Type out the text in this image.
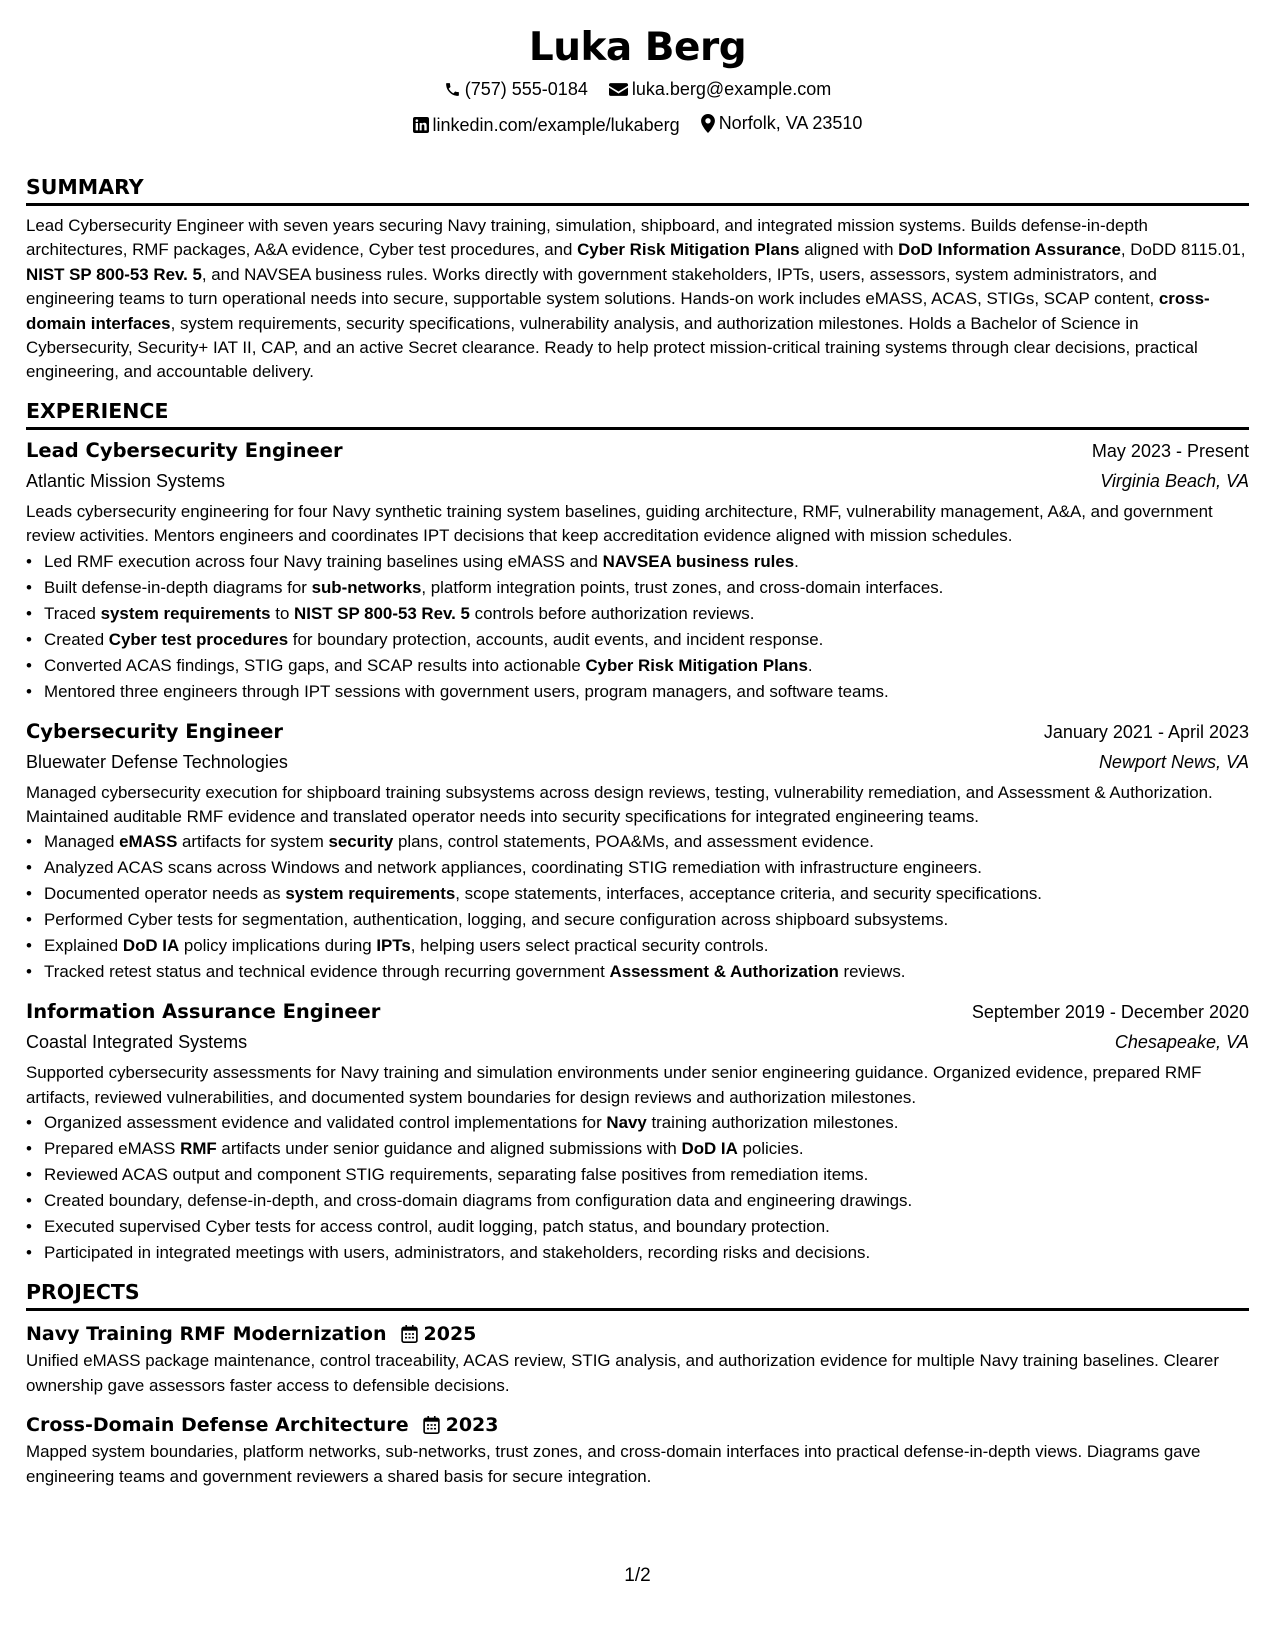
Luka Berg
(757) 555-0184
luka.berg@example.com
linkedin.com/example/lukaberg
Norfolk, VA 23510
SUMMARY

Lead Cybersecurity Engineer with seven years securing Navy training, simulation, shipboard, and integrated mission systems. Builds defense-in-depth architectures, RMF packages, A&A evidence, Cyber test procedures, and Cyber Risk Mitigation Plans aligned with DoD Information Assurance, DoDD 8115.01, NIST SP 800-53 Rev. 5, and NAVSEA business rules. Works directly with government stakeholders, IPTs, users, assessors, system administrators, and engineering teams to turn operational needs into secure, supportable system solutions. Hands-on work includes eMASS, ACAS, STIGs, SCAP content, cross-domain interfaces, system requirements, security specifications, vulnerability analysis, and authorization milestones. Holds a Bachelor of Science in Cybersecurity, Security+ IAT II, CAP, and an active Secret clearance. Ready to help protect mission-critical training systems through clear decisions, practical engineering, and accountable delivery.

EXPERIENCE
Lead Cybersecurity Engineer	May 2023 - Present
Atlantic Mission Systems	Virginia Beach, VA

Leads cybersecurity engineering for four Navy synthetic training system baselines, guiding architecture, RMF, vulnerability management, A&A, and government review activities. Mentors engineers and coordinates IPT decisions that keep accreditation evidence aligned with mission schedules.

• Led RMF execution across four Navy training baselines using eMASS and NAVSEA business rules.
• Built defense-in-depth diagrams for sub-networks, platform integration points, trust zones, and cross-domain interfaces.
• Traced system requirements to NIST SP 800-53 Rev. 5 controls before authorization reviews.
• Created Cyber test procedures for boundary protection, accounts, audit events, and incident response.
• Converted ACAS findings, STIG gaps, and SCAP results into actionable Cyber Risk Mitigation Plans.
• Mentored three engineers through IPT sessions with government users, program managers, and software teams.
Cybersecurity Engineer	January 2021 - April 2023
Bluewater Defense Technologies	Newport News, VA

Managed cybersecurity execution for shipboard training subsystems across design reviews, testing, vulnerability remediation, and Assessment & Authorization. Maintained auditable RMF evidence and translated operator needs into security specifications for integrated engineering teams.

• Managed eMASS artifacts for system security plans, control statements, POA&Ms, and assessment evidence.
• Analyzed ACAS scans across Windows and network appliances, coordinating STIG remediation with infrastructure engineers.
• Documented operator needs as system requirements, scope statements, interfaces, acceptance criteria, and security specifications.
• Performed Cyber tests for segmentation, authentication, logging, and secure configuration across shipboard subsystems.
• Explained DoD IA policy implications during IPTs, helping users select practical security controls.
• Tracked retest status and technical evidence through recurring government Assessment & Authorization reviews.
Information Assurance Engineer	September 2019 - December 2020
Coastal Integrated Systems	Chesapeake, VA

Supported cybersecurity assessments for Navy training and simulation environments under senior engineering guidance. Organized evidence, prepared RMF artifacts, reviewed vulnerabilities, and documented system boundaries for design reviews and authorization milestones.

• Organized assessment evidence and validated control implementations for Navy training authorization milestones.
• Prepared eMASS RMF artifacts under senior guidance and aligned submissions with DoD IA policies.
• Reviewed ACAS output and component STIG requirements, separating false positives from remediation items.
• Created boundary, defense-in-depth, and cross-domain diagrams from configuration data and engineering drawings.
• Executed supervised Cyber tests for access control, audit logging, patch status, and boundary protection.
• Participated in integrated meetings with users, administrators, and stakeholders, recording risks and decisions.
PROJECTS
Navy Training RMF Modernization 2025

Unified eMASS package maintenance, control traceability, ACAS review, STIG analysis, and authorization evidence for multiple Navy training baselines. Clearer ownership gave assessors faster access to defensible decisions.

Cross-Domain Defense Architecture 2023

Mapped system boundaries, platform networks, sub-networks, trust zones, and cross-domain interfaces into practical defense-in-depth views. Diagrams gave engineering teams and government reviewers a shared basis for secure integration.

1/2
